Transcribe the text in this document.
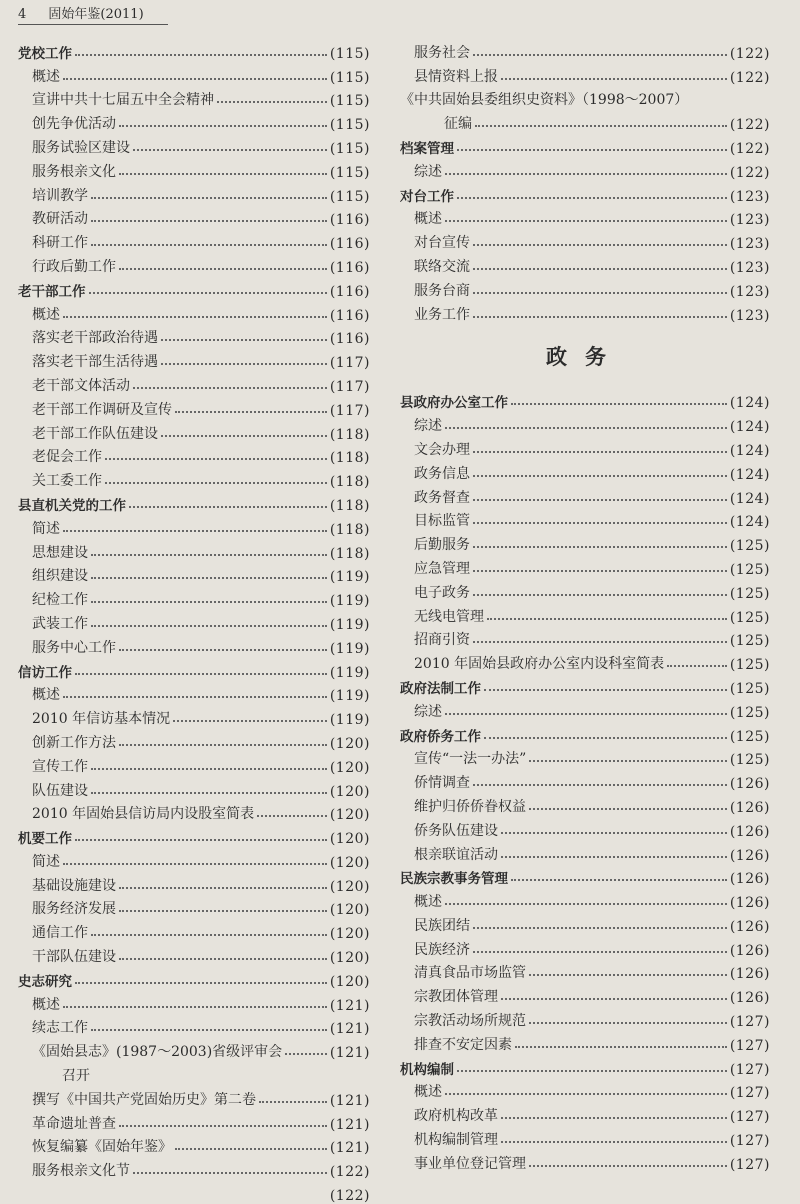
4 固始年鉴(2011)
党校工作	(115)
概述	(115)
宣讲中共十七届五中全会精神	(115)
创先争优活动	(115)
服务试验区建设	(115)
服务根亲文化	(115)
培训教学	(115)
教研活动	(116)
科研工作	(116)
行政后勤工作	(116)
老干部工作	(116)
概述	(116)
落实老干部政治待遇	(116)
落实老干部生活待遇	(117)
老干部文体活动	(117)
老干部工作调研及宣传	(117)
老干部工作队伍建设	(118)
老促会工作	(118)
关工委工作	(118)
县直机关党的工作	(118)
简述	(118)
思想建设	(118)
组织建设	(119)
纪检工作	(119)
武装工作	(119)
服务中心工作	(119)
信访工作	(119)
概述	(119)
2010 年信访基本情况	(119)
创新工作方法	(120)
宣传工作	(120)
队伍建设	(120)
2010 年固始县信访局内设股室简表	(120)
机要工作	(120)
简述	(120)
基础设施建设	(120)
服务经济发展	(120)
通信工作	(120)
干部队伍建设	(120)
史志研究	(120)
概述	(121)
续志工作	(121)
《固始县志》(1987～2003)省级评审会	(121)
召开
撰写《中国共产党固始历史》第二卷	(121)
革命遗址普查	(121)
恢复编纂《固始年鉴》	(121)
服务根亲文化节	(122)
(122)
服务社会	(122)
县情资料上报	(122)
《中共固始县委组织史资料》（1998～2007）
征编	(122)
档案管理	(122)
综述	(122)
对台工作	(123)
概述	(123)
对台宣传	(123)
联络交流	(123)
服务台商	(123)
业务工作	(123)
政务
县政府办公室工作	(124)
综述	(124)
文会办理	(124)
政务信息	(124)
政务督查	(124)
目标监管	(124)
后勤服务	(125)
应急管理	(125)
电子政务	(125)
无线电管理	(125)
招商引资	(125)
2010 年固始县政府办公室内设科室简表	(125)
政府法制工作	(125)
综述	(125)
政府侨务工作	(125)
宣传“一法一办法”	(125)
侨情调查	(126)
维护归侨侨眷权益	(126)
侨务队伍建设	(126)
根亲联谊活动	(126)
民族宗教事务管理	(126)
概述	(126)
民族团结	(126)
民族经济	(126)
清真食品市场监管	(126)
宗教团体管理	(126)
宗教活动场所规范	(127)
排查不安定因素	(127)
机构编制	(127)
概述	(127)
政府机构改革	(127)
机构编制管理	(127)
事业单位登记管理	(127)
